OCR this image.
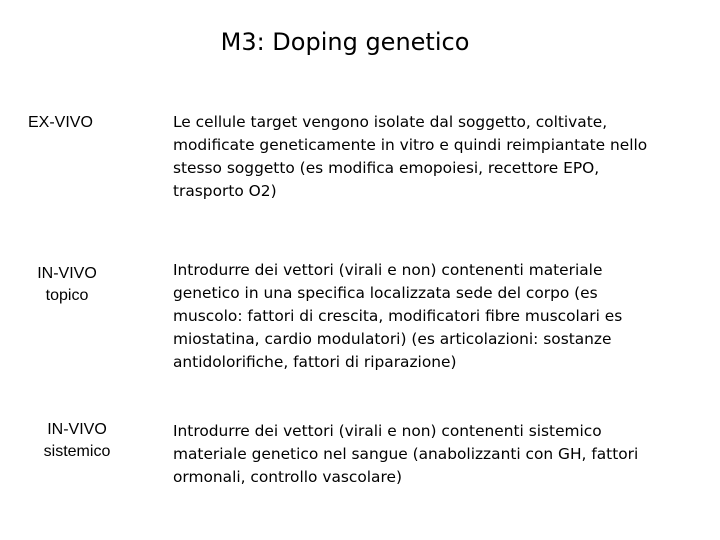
M3: Doping genetico

EX-VIVO	Le cellule target vengono isolate dal soggetto, coltivate, modificate geneticamente in vitro e quindi reimpiantate nello stesso soggetto (es modifica emopoiesi, recettore EPO, trasporto O2)

IN-VIVO
topico

Introdurre dei vettori (virali e non) contenenti materiale genetico in una specifica localizzata sede del corpo (es muscolo: fattori di crescita, modificatori fibre muscolari es miostatina, cardio modulatori) (es articolazioni: sostanze antidolorifiche, fattori di riparazione)

IN-VIVO
sistemico

Introdurre dei vettori (virali e non) contenenti sistemico materiale genetico nel sangue (anabolizzanti con GH, fattori ormonali, controllo vascolare)
